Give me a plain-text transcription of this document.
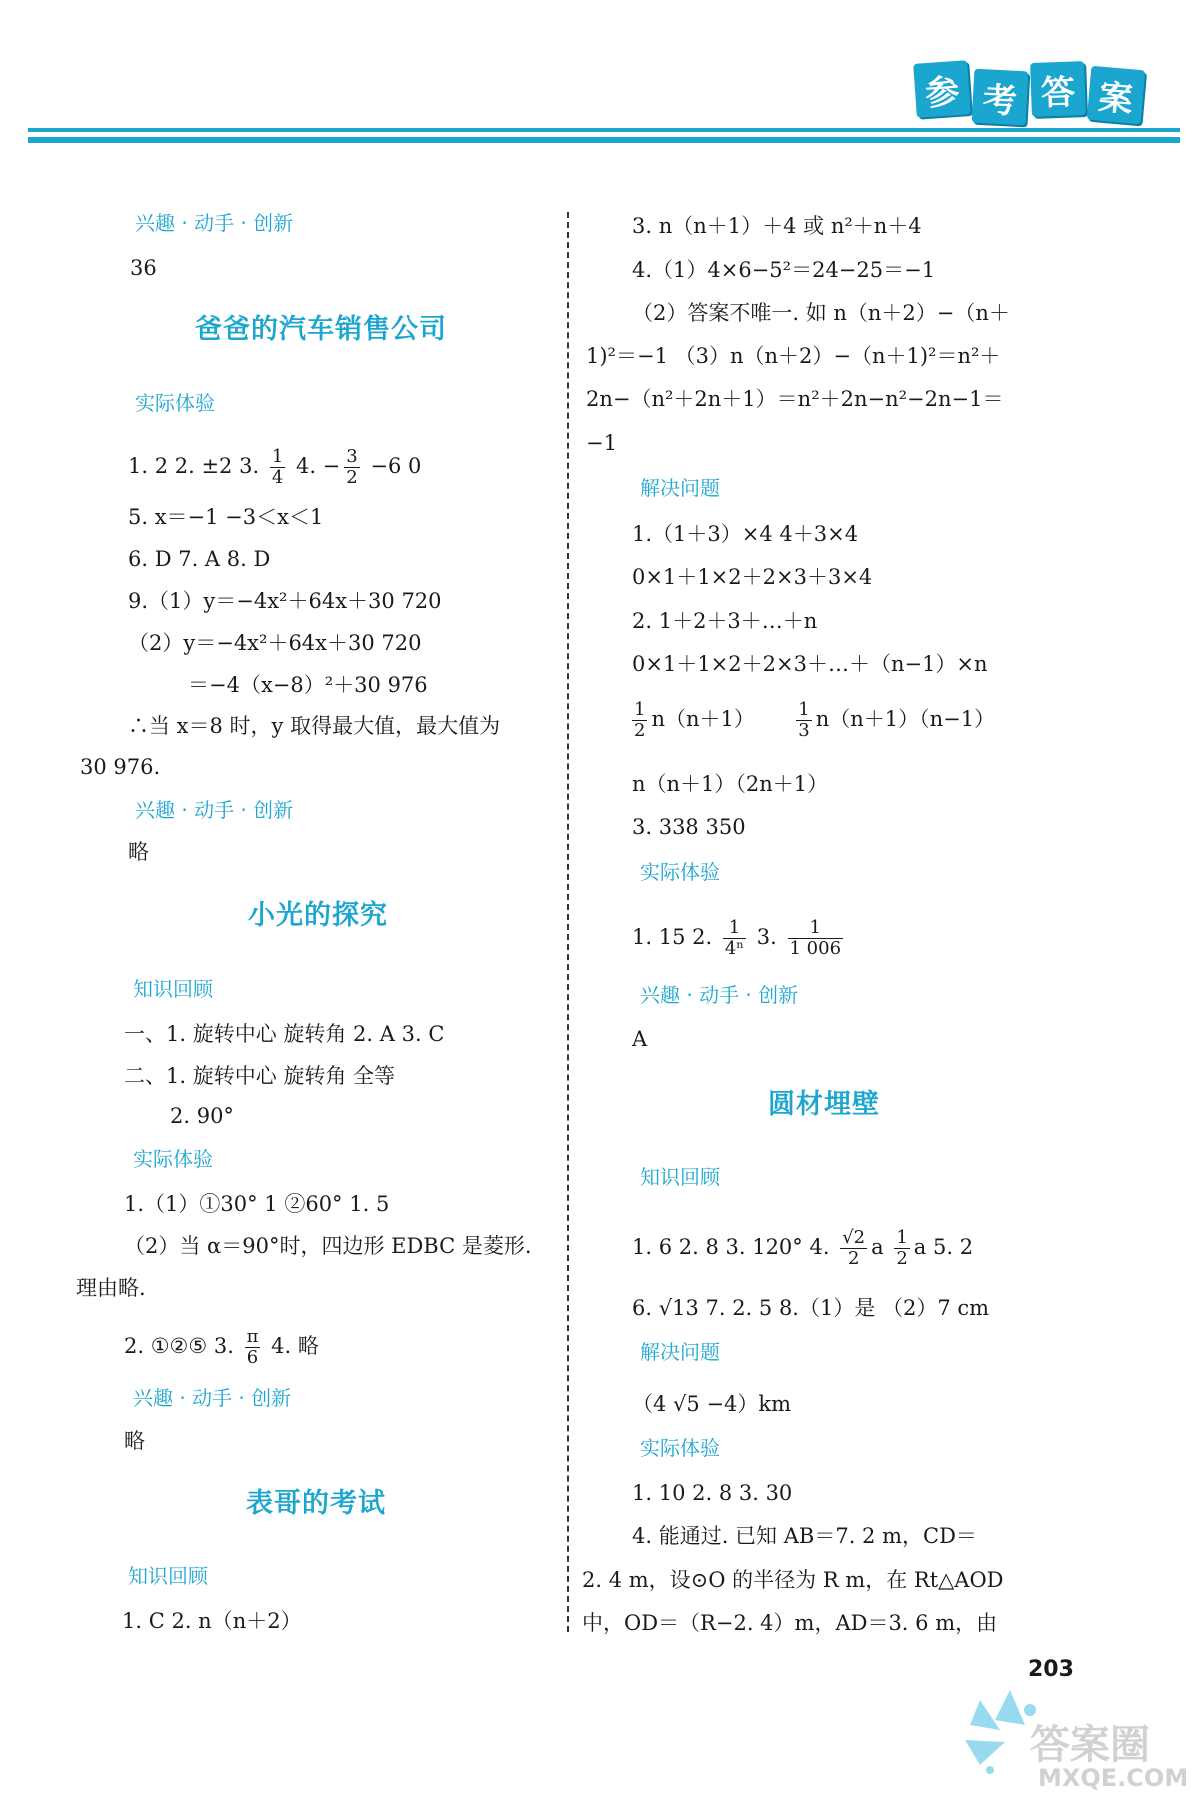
参 考 答 案
兴趣 · 动手 · 创新
36
爸爸的汽车销售公司
实际体验
1. 2 2. ±2 3. $\frac{1}{4} 4$. − $\frac{3}{2} -6$ 0
5. x＝−1 −3＜x＜1
6. D 7. A 8. D
9.（1）y＝−4x²＋64x＋30 720
（2）y＝−4x²＋64x＋30 720
＝−4（x−8）²＋30 976
∴当 x＝8 时，y 取得最大值，最大值为
30 976.
兴趣 · 动手 · 创新
略
小光的探究
知识回顾
一、1. 旋转中心 旋转角 2. A 3. C
二、1. 旋转中心 旋转角 全等
2. 90°
实际体验
1.（1）①30° 1 ②60° 1. 5
（2）当 α＝90°时，四边形 EDBC 是菱形.
理由略.
2. ①②⑤ 3. $\frac{\pi}{6} 4$. 略
兴趣 · 动手 · 创新
略
表哥的考试
知识回顾
1. C 2. n（n＋2）
3. n（n＋1）＋4 或 n²＋n＋4
4.（1）4×6−5²＝24−25＝−1
（2）答案不唯一. 如 n（n＋2）−（n＋
1)²＝−1 （3）n（n＋2）−（n＋1)²＝n²＋
2n−（n²＋2n＋1）＝n²＋2n−n²−2n−1＝
−1
解决问题
1.（1＋3）×4 4＋3×4
0×1＋1×2＋2×3＋3×4
2. 1＋2＋3＋…＋n
0×1＋1×2＋2×3＋…＋（n−1）×n
$\frac{1}{2} n(n+1) \frac{1}{3} n(n+1)(n-1)$
n（n＋1）（2n＋1）
3. 338 350
实际体验
1. 15 2. $\frac{1}{\text{4ⁿ}} 3$. $\frac{1}{1 006}$
兴趣 · 动手 · 创新
A
圆材埋壁
知识回顾
1. 6 2. 8 3. 120° 4. $\frac{√2}{2}$ a $\frac{1}{2}$ a 5. 2
6. √13 7. 2. 5 8.（1）是 （2）7 cm
解决问题
（4 √5 −4）km
实际体验
1. 10 2. 8 3. 30
4. 能通过. 已知 AB＝7. 2 m，CD＝
2. 4 m，设⊙O 的半径为 R m，在 Rt△AOD
中，OD＝（R−2. 4）m，AD＝3. 6 m，由
203
答案圈
MXQE.COM
